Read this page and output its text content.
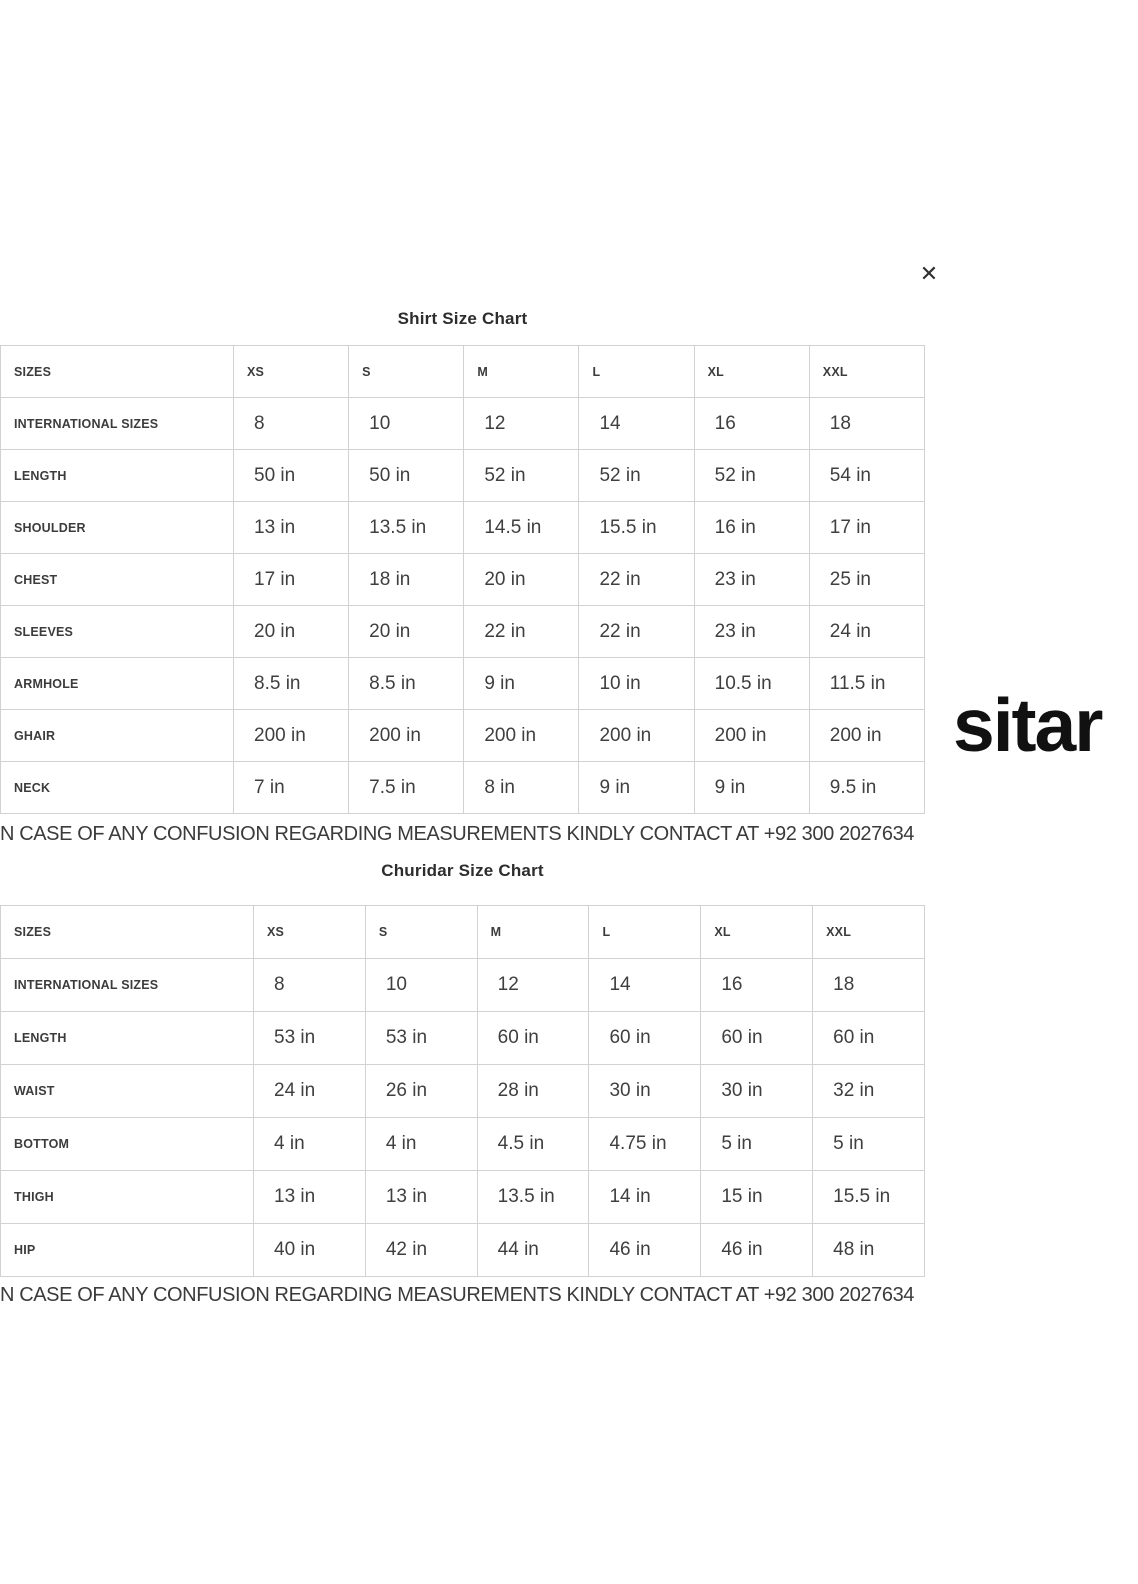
✕
Shirt Size Chart
SIZES	XS	S	M	L	XL	XXL
INTERNATIONAL SIZES	8	10	12	14	16	18
LENGTH	50 in	50 in	52 in	52 in	52 in	54 in
SHOULDER	13 in	13.5 in	14.5 in	15.5 in	16 in	17 in
CHEST	17 in	18 in	20 in	22 in	23 in	25 in
SLEEVES	20 in	20 in	22 in	22 in	23 in	24 in
ARMHOLE	8.5 in	8.5 in	9 in	10 in	10.5 in	11.5 in
GHAIR	200 in	200 in	200 in	200 in	200 in	200 in
NECK	7 in	7.5 in	8 in	9 in	9 in	9.5 in
N CASE OF ANY CONFUSION REGARDING MEASUREMENTS KINDLY CONTACT AT +92 300 2027634
Churidar Size Chart
SIZES	XS	S	M	L	XL	XXL
INTERNATIONAL SIZES	8	10	12	14	16	18
LENGTH	53 in	53 in	60 in	60 in	60 in	60 in
WAIST	24 in	26 in	28 in	30 in	30 in	32 in
BOTTOM	4 in	4 in	4.5 in	4.75 in	5 in	5 in
THIGH	13 in	13 in	13.5 in	14 in	15 in	15.5 in
HIP	40 in	42 in	44 in	46 in	46 in	48 in
N CASE OF ANY CONFUSION REGARDING MEASUREMENTS KINDLY CONTACT AT +92 300 2027634
sitar
